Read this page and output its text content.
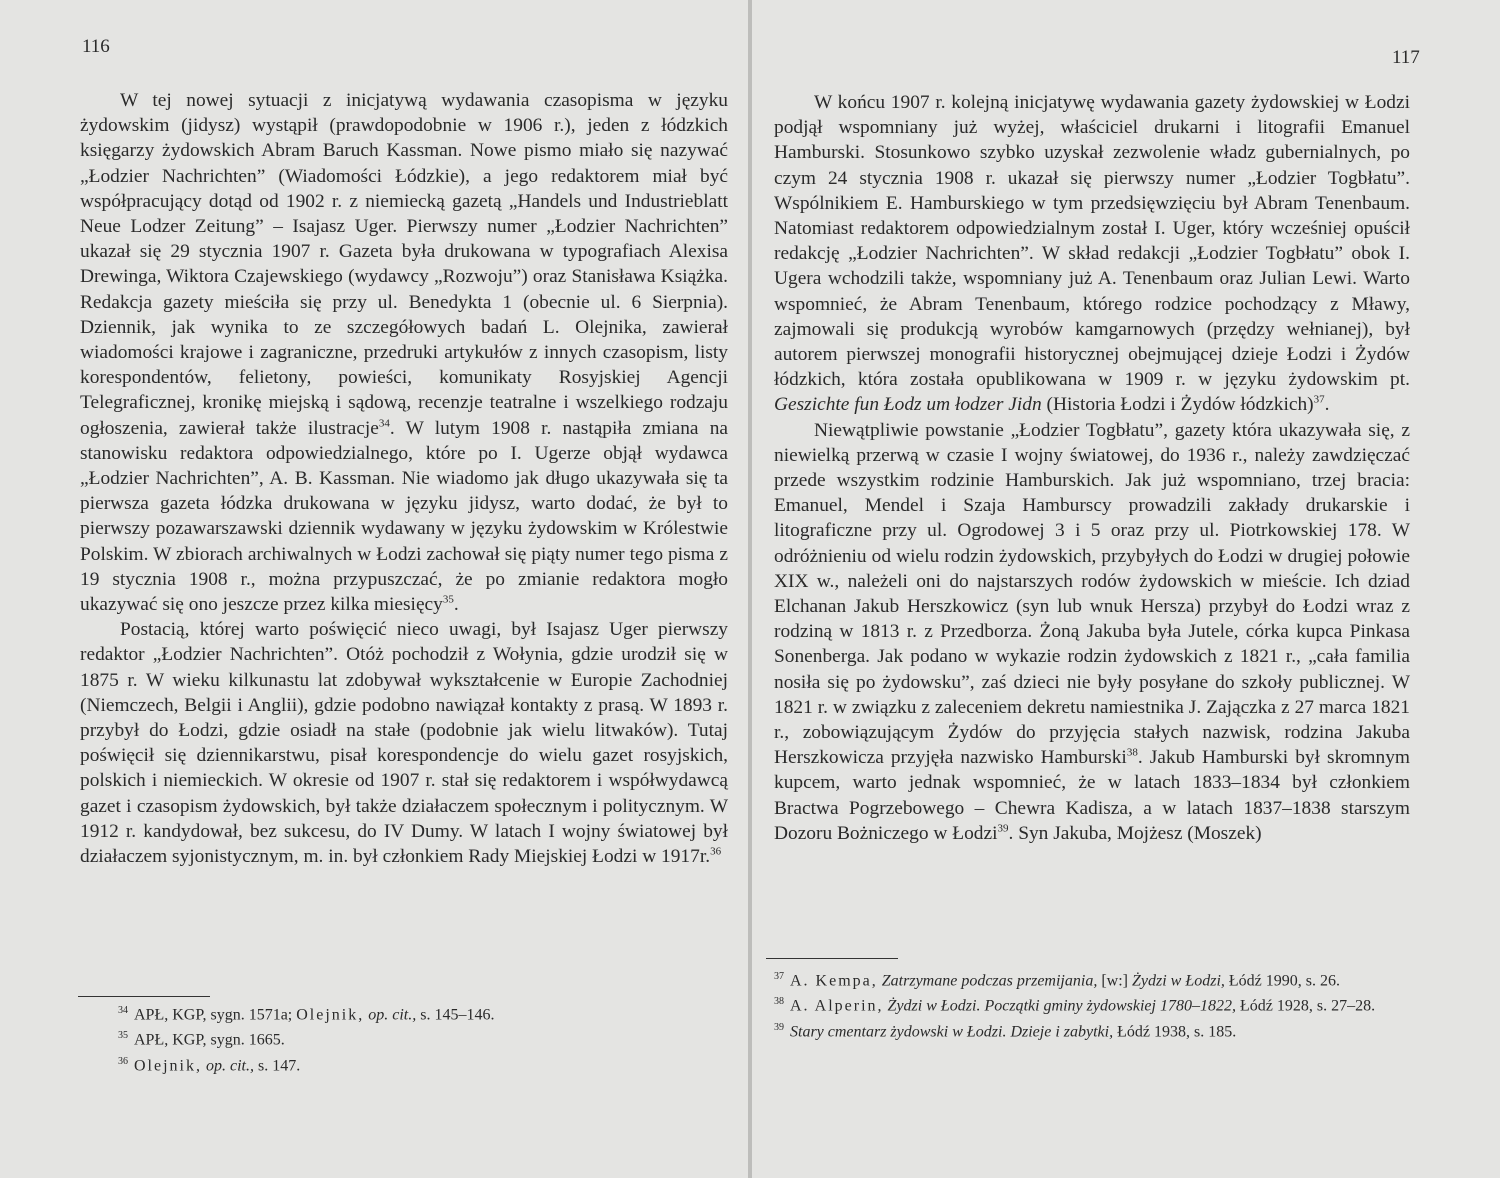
116

W tej nowej sytuacji z inicjatywą wydawania czasopisma w języku żydowskim (jidysz) wystąpił (prawdopodobnie w 1906 r.), jeden z łódzkich księgarzy żydowskich Abram Baruch Kassman. Nowe pismo miało się nazywać „Łodzier Nachrichten” (Wiadomości Łódzkie), a jego redaktorem miał być współpracujący dotąd od 1902 r. z niemiecką gazetą „Handels und Industrieblatt Neue Lodzer Zeitung” – Isajasz Uger. Pierwszy numer „Łodzier Nachrichten” ukazał się 29 stycznia 1907 r. Gazeta była drukowana w typografiach Alexisa Drewinga, Wiktora Czajewskiego (wydawcy „Rozwoju”) oraz Stanisława Książka. Redakcja gazety mieściła się przy ul. Benedykta 1 (obecnie ul. 6 Sierpnia). Dziennik, jak wynika to ze szczegółowych badań L. Olejnika, zawierał wiadomości krajowe i zagraniczne, przedruki artykułów z innych czasopism, listy korespondentów, felietony, powieści, komunikaty Rosyjskiej Agencji Telegraficznej, kronikę miejską i sądową, recenzje teatralne i wszelkiego rodzaju ogłoszenia, zawierał także ilustracje$^{34}$. W lutym 1908 r. nastąpiła zmiana na stanowisku redaktora odpowiedzialnego, które po I. Ugerze objął wydawca „Łodzier Nachrichten”, A. B. Kassman. Nie wiadomo jak długo ukazywała się ta pierwsza gazeta łódzka drukowana w języku jidysz, warto dodać, że był to pierwszy pozawarszawski dziennik wydawany w języku żydowskim w Królestwie Polskim. W zbiorach archiwalnych w Łodzi zachował się piąty numer tego pisma z 19 stycznia 1908 r., można przypuszczać, że po zmianie redaktora mogło ukazywać się ono jeszcze przez kilka miesięcy$^{35}$.

Postacią, której warto poświęcić nieco uwagi, był Isajasz Uger pierwszy redaktor „Łodzier Nachrichten”. Otóż pochodził z Wołynia, gdzie urodził się w 1875 r. W wieku kilkunastu lat zdobywał wykształcenie w Europie Zachodniej (Niemczech, Belgii i Anglii), gdzie podobno nawiązał kontakty z prasą. W 1893 r. przybył do Łodzi, gdzie osiadł na stałe (podobnie jak wielu litwaków). Tutaj poświęcił się dziennikarstwu, pisał korespondencje do wielu gazet rosyjskich, polskich i niemieckich. W okresie od 1907 r. stał się redaktorem i współwydawcą gazet i czasopism żydowskich, był także działaczem społecznym i politycznym. W 1912 r. kandydował, bez sukcesu, do IV Dumy. W latach I wojny światowej był działaczem syjonistycznym, m. in. był członkiem Rady Miejskiej Łodzi w 1917r.$^{36}$

$^{34}$ APŁ, KGP, sygn. 1571a; Olejnik, op. cit., s. 145–146.

$^{35}$ APŁ, KGP, sygn. 1665.

$^{36}$ Olejnik, op. cit., s. 147.

117

W końcu 1907 r. kolejną inicjatywę wydawania gazety żydowskiej w Łodzi podjął wspomniany już wyżej, właściciel drukarni i litografii Emanuel Hamburski. Stosunkowo szybko uzyskał zezwolenie władz gubernialnych, po czym 24 stycznia 1908 r. ukazał się pierwszy numer „Łodzier Togbłatu”. Wspólnikiem E. Hamburskiego w tym przedsięwzięciu był Abram Tenenbaum. Natomiast redaktorem odpowiedzialnym został I. Uger, który wcześniej opuścił redakcję „Łodzier Nachrichten”. W skład redakcji „Łodzier Togbłatu” obok I. Ugera wchodzili także, wspomniany już A. Tenenbaum oraz Julian Lewi. Warto wspomnieć, że Abram Tenenbaum, którego rodzice pochodzący z Mławy, zajmowali się produkcją wyrobów kamgarnowych (przędzy wełnianej), był autorem pierwszej monografii historycznej obejmującej dzieje Łodzi i Żydów łódzkich, która została opublikowana w 1909 r. w języku żydowskim pt. Geszichte fun Łodz um łodzer Jidn (Historia Łodzi i Żydów łódzkich)$^{37}$.

Niewątpliwie powstanie „Łodzier Togbłatu”, gazety która ukazywała się, z niewielką przerwą w czasie I wojny światowej, do 1936 r., należy zawdzięczać przede wszystkim rodzinie Hamburskich. Jak już wspomniano, trzej bracia: Emanuel, Mendel i Szaja Hamburscy prowadzili zakłady drukarskie i litograficzne przy ul. Ogrodowej 3 i 5 oraz przy ul. Piotrkowskiej 178. W odróżnieniu od wielu rodzin żydowskich, przybyłych do Łodzi w drugiej połowie XIX w., należeli oni do najstarszych rodów żydowskich w mieście. Ich dziad Elchanan Jakub Herszkowicz (syn lub wnuk Hersza) przybył do Łodzi wraz z rodziną w 1813 r. z Przedborza. Żoną Jakuba była Jutele, córka kupca Pinkasa Sonenberga. Jak podano w wykazie rodzin żydowskich z 1821 r., „cała familia nosiła się po żydowsku”, zaś dzieci nie były posyłane do szkoły publicznej. W 1821 r. w związku z zaleceniem dekretu namiestnika J. Zajączka z 27 marca 1821 r., zobowiązującym Żydów do przyjęcia stałych nazwisk, rodzina Jakuba Herszkowicza przyjęła nazwisko Hamburski$^{38}$. Jakub Hamburski był skromnym kupcem, warto jednak wspomnieć, że w latach 1833–1834 był członkiem Bractwa Pogrzebowego – Chewra Kadisza, a w latach 1837–1838 starszym Dozoru Bożniczego w Łodzi$^{39}$. Syn Jakuba, Mojżesz (Moszek)

$^{37}$ A. Kempa, Zatrzymane podczas przemijania, [w:] Żydzi w Łodzi, Łódź 1990, s. 26.

$^{38}$ A. Alperin, Żydzi w Łodzi. Początki gminy żydowskiej 1780–1822, Łódź 1928, s. 27–28.

$^{39}$ Stary cmentarz żydowski w Łodzi. Dzieje i zabytki, Łódź 1938, s. 185.
